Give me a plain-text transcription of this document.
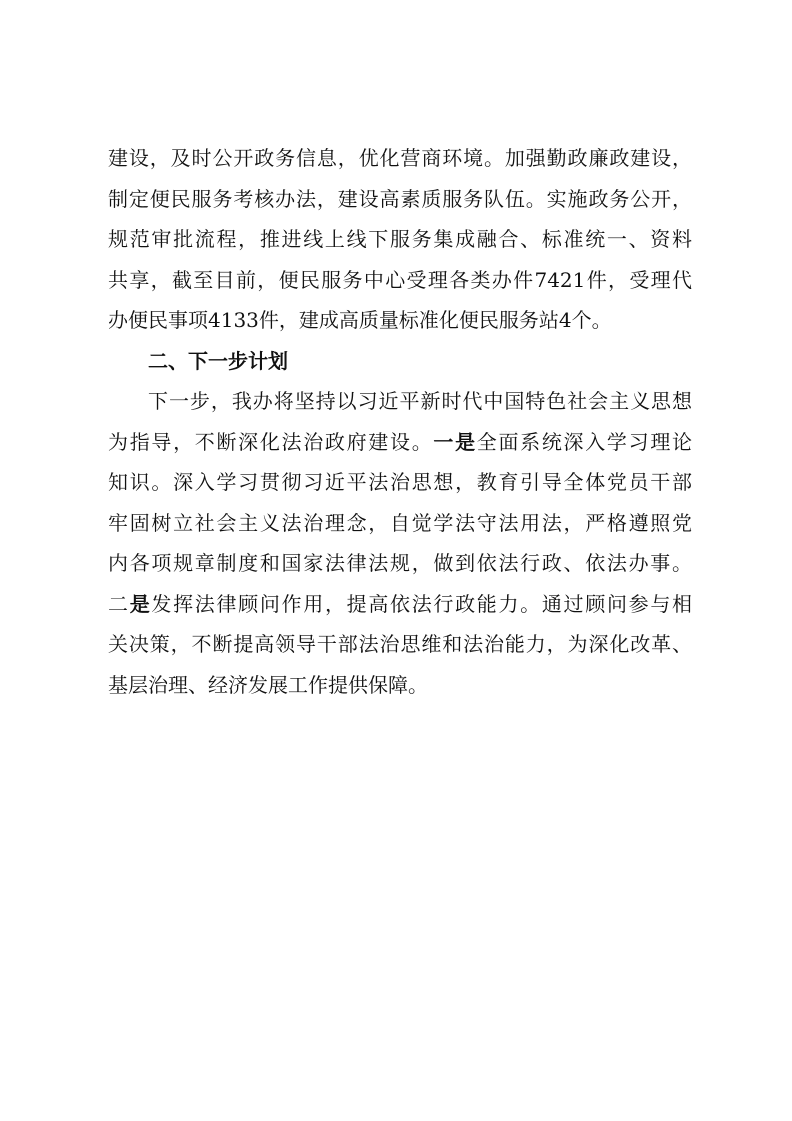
建设，及时公开政务信息，优化营商环境。加强勤政廉政建设，
制定便民服务考核办法，建设高素质服务队伍。实施政务公开，
规范审批流程，推进线上线下服务集成融合、标准统一、资料
共享，截至目前，便民服务中心受理各类办件7421件，受理代
办便民事项4133件，建成高质量标准化便民服务站4个。
二、下一步计划
下一步，我办将坚持以习近平新时代中国特色社会主义思想
为指导，不断深化法治政府建设。一是全面系统深入学习理论
知识。深入学习贯彻习近平法治思想，教育引导全体党员干部
牢固树立社会主义法治理念，自觉学法守法用法，严格遵照党
内各项规章制度和国家法律法规，做到依法行政、依法办事。
二是发挥法律顾问作用，提高依法行政能力。通过顾问参与相
关决策，不断提高领导干部法治思维和法治能力，为深化改革、
基层治理、经济发展工作提供保障。
